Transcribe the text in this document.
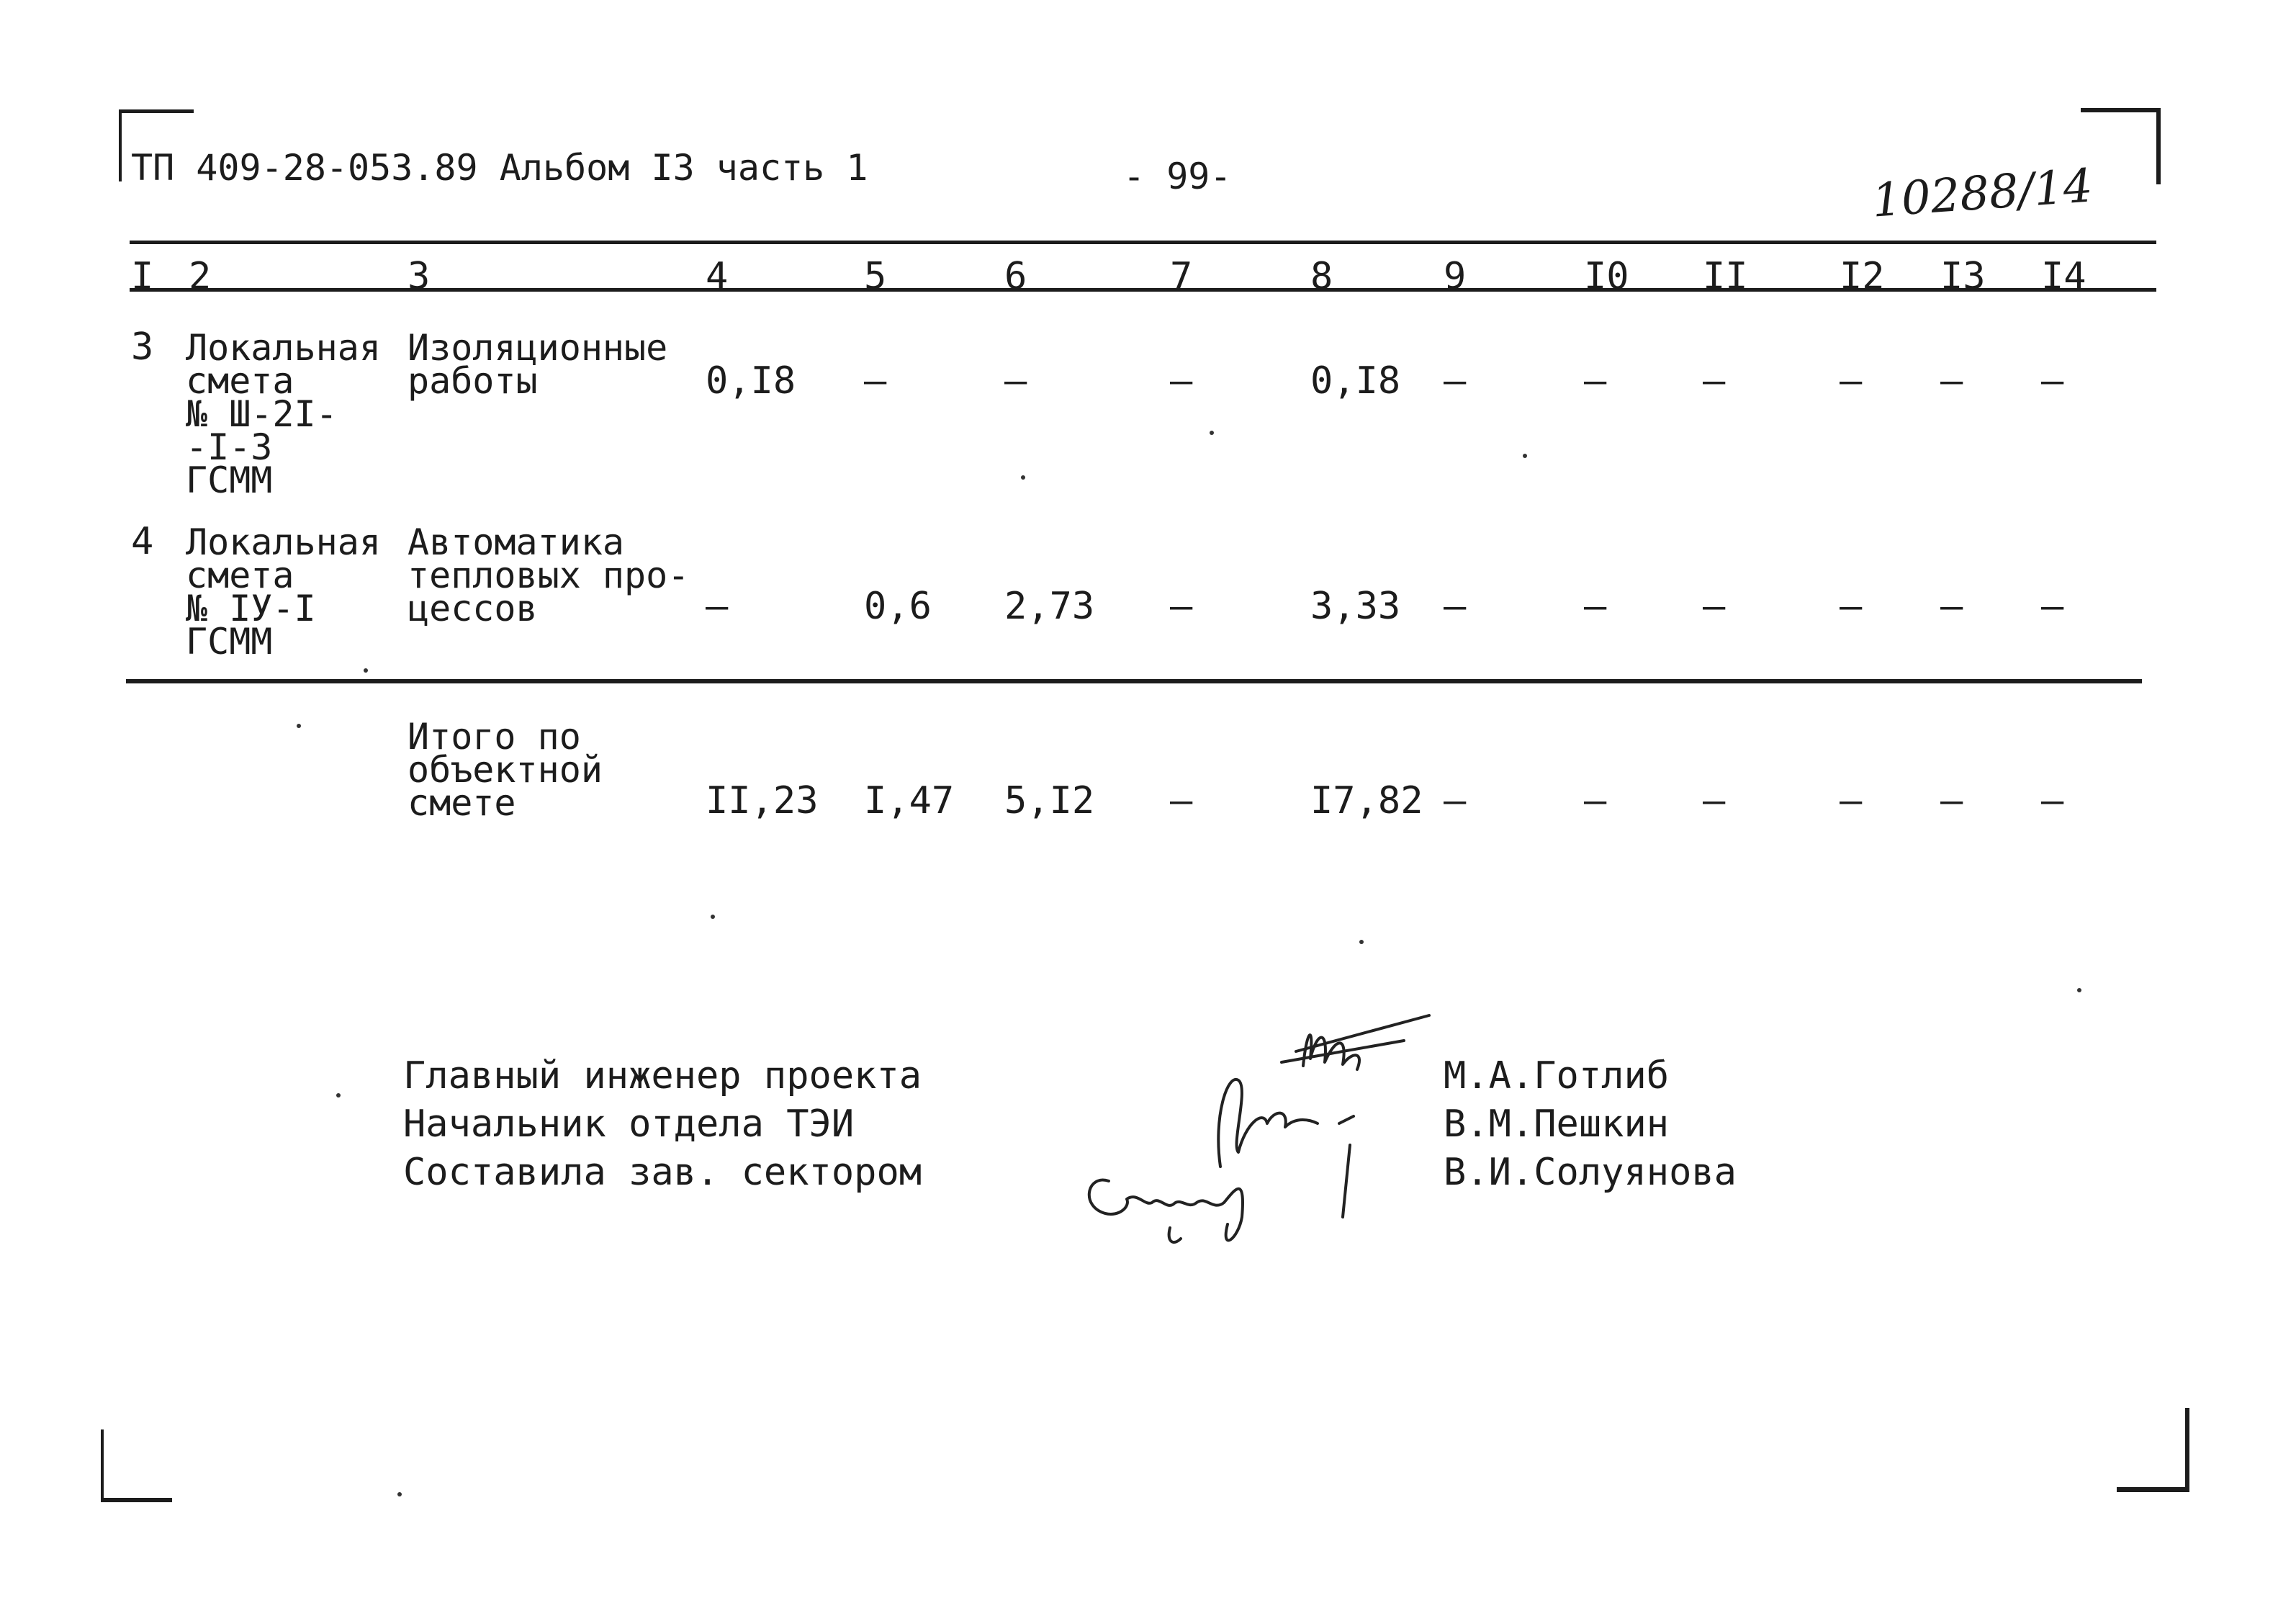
ТП 409-28-053.89 Альбом I3 часть 1	- 99-	10288/14
I 2	3	4	5	6	7	8	9	I0 II I2 I3 I4
3 Локальная
смета
№ Ш-2I-
-I-3
ГСММ
Изоляционные
работы	0,I8 –	–	–	0,I8 –	–	–	– – –
4 Локальная
смета
№ IУ-I
ГСММ
Автоматика
тепловых про-
цессов	–	0,6 2,73 –	3,33 –	–	–	– – –
Итого по
объектной
смете	II,23 I,47 5,I2 –	I7,82 –	–	–	– – –
Главный инженер проекта
Начальник отдела ТЭИ
Составила зав. сектором
М.А.Готлиб
В.М.Пешкин
В.И.Солуянова
